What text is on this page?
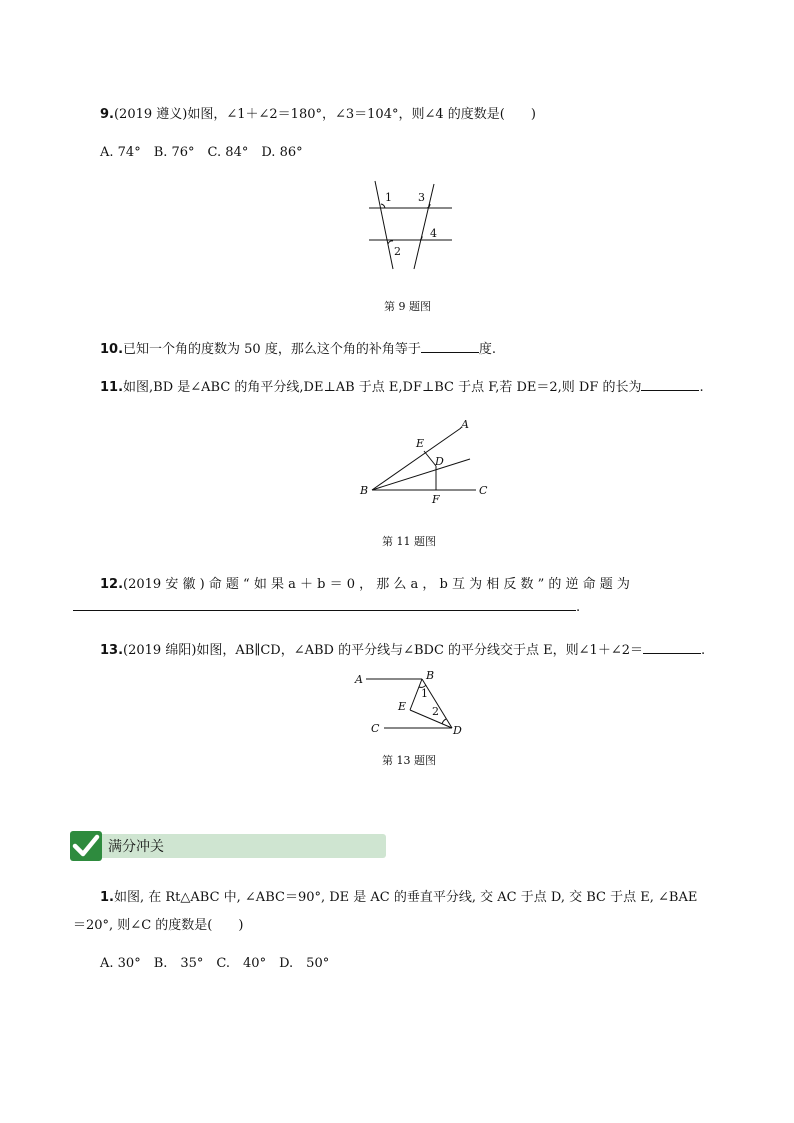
9.(2019 遵义)如图，∠1＋∠2＝180°，∠3＝104°，则∠4 的度数是(　　)
A. 74°　B. 76°　C. 84°　D. 86°
1 3
2
4
第 9 题图
10.已知一个角的度数为 50 度，那么这个角的补角等于	度.
11.如图,BD 是∠ABC 的角平分线,DE⊥AB 于点 E,DF⊥BC 于点 F,若 DE＝2,则 DF 的长为	.
A
E
D
B
F
C
第 11 题图
12.(2019 安 徽 ) 命 题 “ 如 果 a ＋ b ＝ 0 ， 那 么 a ， b 互 为 相 反 数 ” 的 逆 命 题 为
.
13.(2019 绵阳)如图，AB∥CD，∠ABD 的平分线与∠BDC 的平分线交于点 E，则∠1＋∠2＝	.
A	B
1
E 2
C	D
第 13 题图
满分冲关
1.如图, 在 Rt△ABC 中, ∠ABC＝90°, DE 是 AC 的垂直平分线, 交 AC 于点 D, 交 BC 于点 E, ∠BAE
＝20°, 则∠C 的度数是(　　)
A. 30°　B.　35°　C.　40°　D.　50°
